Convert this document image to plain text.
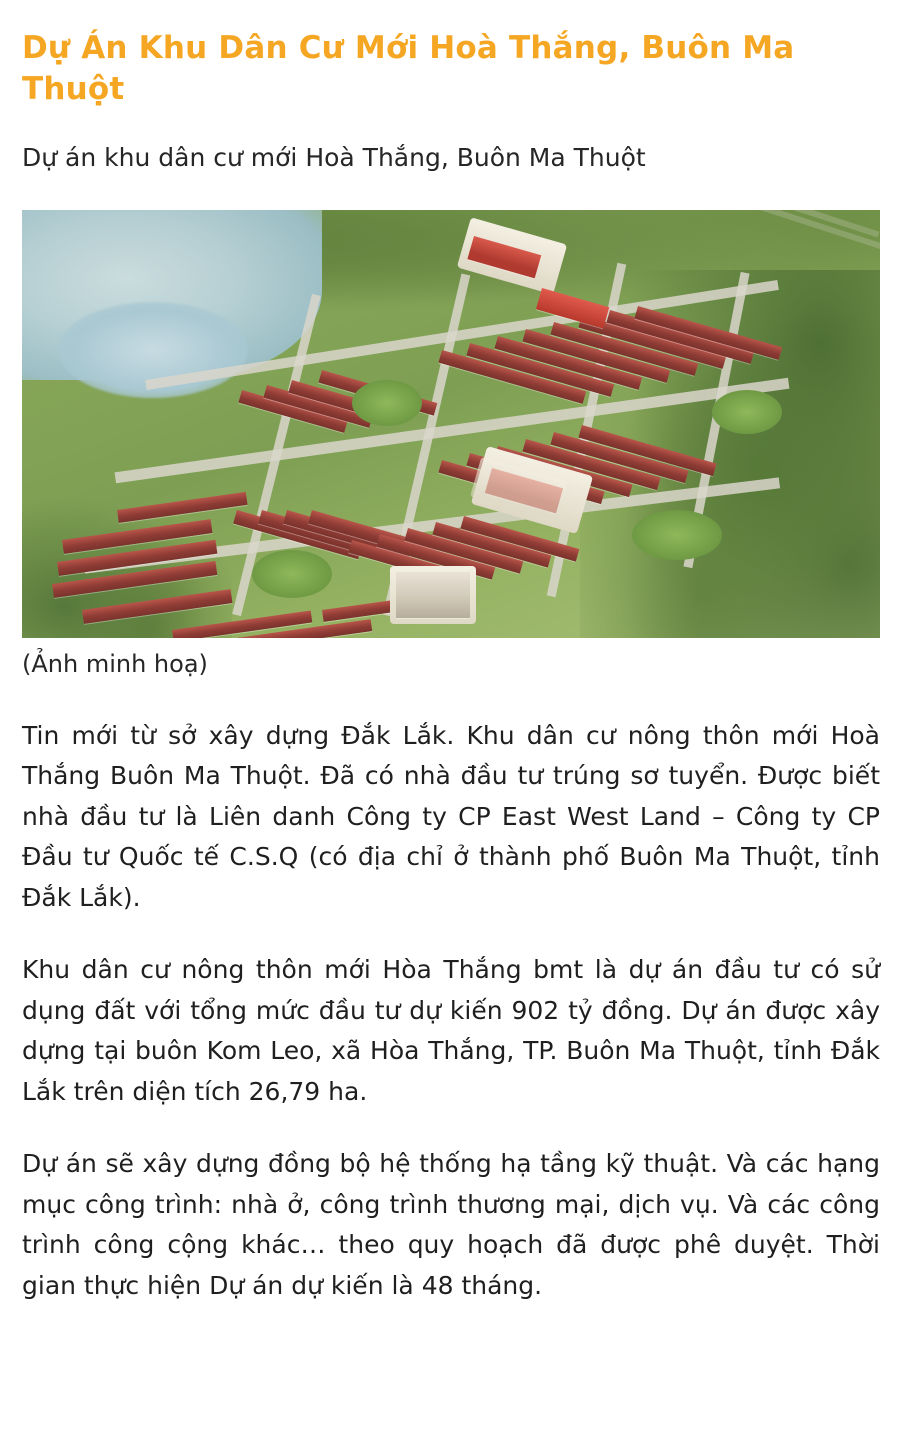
Dự Án Khu Dân Cư Mới Hoà Thắng, Buôn Ma Thuột

Dự án khu dân cư mới Hoà Thắng, Buôn Ma Thuột

(Ảnh minh hoạ)

Tin mới từ sở xây dựng Đắk Lắk. Khu dân cư nông thôn mới Hoà Thắng Buôn Ma Thuột. Đã có nhà đầu tư trúng sơ tuyển. Được biết nhà đầu tư là Liên danh Công ty CP East West Land – Công ty CP Đầu tư Quốc tế C.S.Q (có địa chỉ ở thành phố Buôn Ma Thuột, tỉnh Đắk Lắk).

Khu dân cư nông thôn mới Hòa Thắng bmt là dự án đầu tư có sử dụng đất với tổng mức đầu tư dự kiến 902 tỷ đồng. Dự án được xây dựng tại buôn Kom Leo, xã Hòa Thắng, TP. Buôn Ma Thuột, tỉnh Đắk Lắk trên diện tích 26,79 ha.

Dự án sẽ xây dựng đồng bộ hệ thống hạ tầng kỹ thuật. Và các hạng mục công trình: nhà ở, công trình thương mại, dịch vụ. Và các công trình công cộng khác… theo quy hoạch đã được phê duyệt. Thời gian thực hiện Dự án dự kiến là 48 tháng.
